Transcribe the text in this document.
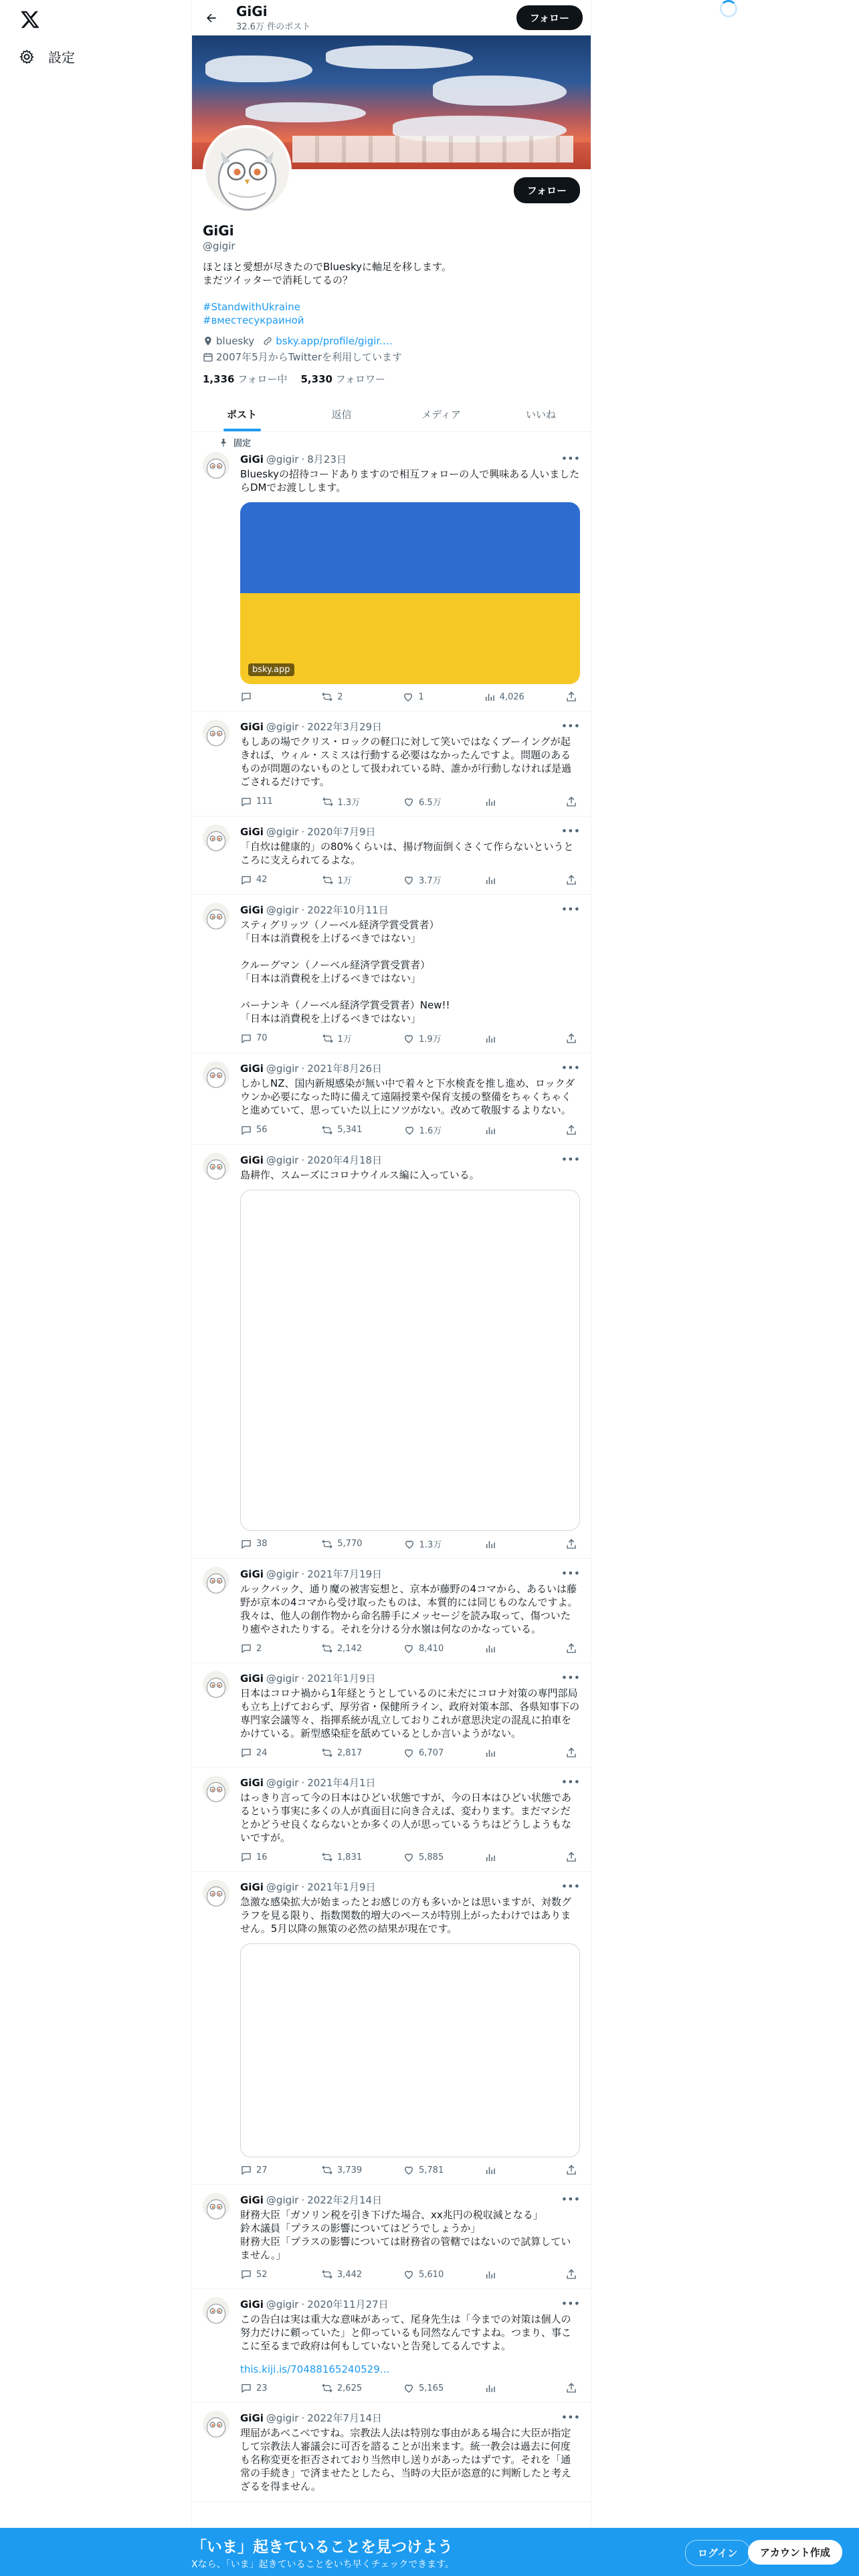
設定
GiGi
32.6万 件のポスト
フォロー
フォロー
GiGi
@gigir
ほとほと愛想が尽きたのでBlueskyに軸足を移します。
まだツイッターで消耗してるの？
#StandwithUkraine
#вместесукраиной
bluesky bsky.app/profile/gigir.…
2007年5月からTwitterを利用しています
1,336 フォロー中 5,330 フォロワー
ポスト	返信	メディア	いいね
固定
•••
GiGi @gigir · 8月23日
Blueskyの招待コードありますので相互フォローの人で興味ある人いましたらDMでお渡しします。
bsky.app
2	1	4,026
•••
GiGi @gigir · 2022年3月29日
もしあの場でクリス・ロックの軽口に対して笑いではなくブーイングが起きれば、ウィル・スミスは行動する必要はなかったんですよ。問題のあるものが問題のないものとして扱われている時、誰かが行動しなければ是過ごされるだけです。
111	1.3万	6.5万
•••
GiGi @gigir · 2020年7月9日
「自炊は健康的」の80%くらいは、揚げ物面倒くさくて作らないというところに支えられてるよな。
42	1万	3.7万
•••
GiGi @gigir · 2022年10月11日
スティグリッツ（ノーベル経済学賞受賞者）
「日本は消費税を上げるべきではない」

クルーグマン（ノーベル経済学賞受賞者）
「日本は消費税を上げるべきではない」

バーナンキ（ノーベル経済学賞受賞者）New!!
「日本は消費税を上げるべきではない」
70	1万	1.9万
•••
GiGi @gigir · 2021年8月26日
しかしNZ、国内新規感染が無い中で着々と下水検査を推し進め、ロックダウンか必要になった時に備えて遠隔授業や保育支援の整備をちゃくちゃくと進めていて、思っていた以上にソツがない。改めて敬服するよりない。
56	5,341	1.6万
•••
GiGi @gigir · 2020年4月18日
島耕作、スムーズにコロナウイルス編に入っている。
38	5,770	1.3万
•••
GiGi @gigir · 2021年7月19日
ルックバック、通り魔の被害妄想と、京本が藤野の4コマから、あるいは藤野が京本の4コマから受け取ったものは、本質的には同じものなんですよ。我々は、他人の創作物から命名勝手にメッセージを読み取って、傷ついたり癒やされたりする。それを分ける分水嶺は何なのかなっている。
2	2,142	8,410
•••
GiGi @gigir · 2021年1月9日
日本はコロナ禍から1年経とうとしているのに未だにコロナ対策の専門部局も立ち上げておらず、厚労省・保健所ライン、政府対策本部、各県知事下の専門家会議等々、指揮系統が乱立しておりこれが意思決定の混乱に拍車をかけている。新型感染症を舐めているとしか言いようがない。
24	2,817	6,707
•••
GiGi @gigir · 2021年4月1日
はっきり言って今の日本はひどい状態ですが、今の日本はひどい状態であるという事実に多くの人が真面目に向き合えば、変わります。まだマシだとかどうせ良くならないとか多くの人が思っているうちはどうしようもないですが。
16	1,831	5,885
•••
GiGi @gigir · 2021年1月9日
急激な感染拡大が始まったとお感じの方も多いかとは思いますが、対数グラフを見る限り、指数関数的増大のペースが特別上がったわけではありません。5月以降の無策の必然の結果が現在です。
27	3,739	5,781
•••
GiGi @gigir · 2022年2月14日
財務大臣「ガソリン税を引き下げた場合、xx兆円の税収減となる」
鈴木議員「プラスの影響についてはどうでしょうか」
財務大臣「プラスの影響については財務省の管轄ではないので試算していません。」
52	3,442	5,610
•••
GiGi @gigir · 2020年11月27日
この告白は実は重大な意味があって、尾身先生は「今までの対策は個人の努力だけに頼っていた」と仰っているも同然なんですよね。つまり、事ここに至るまで政府は何もしていないと告発してるんですよ。
this.kiji.is/70488165240529…
23	2,625	5,165
•••
GiGi @gigir · 2022年7月14日
理屈があべこべですね。宗教法人法は特別な事由がある場合に大臣が指定して宗教法人審議会に可否を諮ることが出来ます。統一教会は過去に何度も名称変更を拒否されており当然申し送りがあったはずです。それを「通常の手続き」で済ませたとしたら、当時の大臣が恣意的に判断したと考えざるを得ません。
「いま」起きていることを見つけよう
Xなら、「いま」起きていることをいち早くチェックできます。
ログイン	アカウント作成
